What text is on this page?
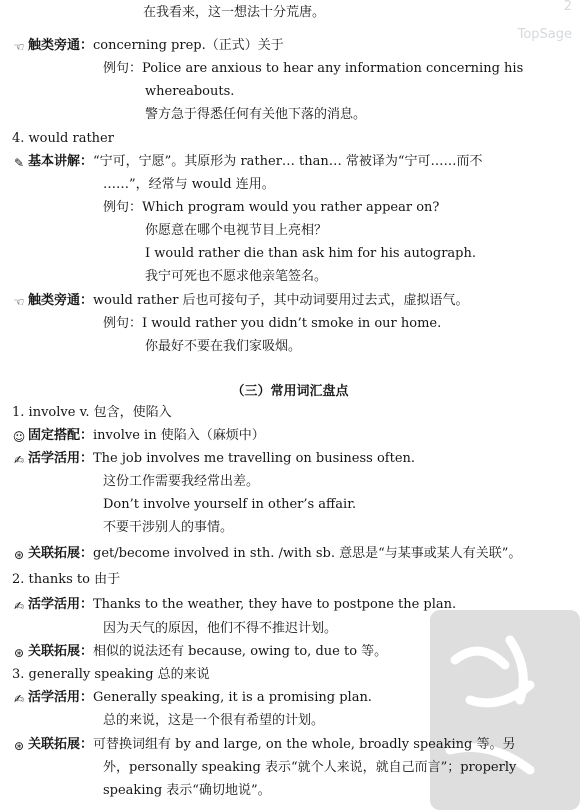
2
TopSage
在我看来，这一想法十分荒唐。
☜ 触类旁通：concerning prep.（正式）关于
例句：Police are anxious to hear any information concerning his
whereabouts.
警方急于得悉任何有关他下落的消息。
4. would rather
✎ 基本讲解：“宁可，宁愿”。其原形为 rather… than… 常被译为“宁可……而不
……”，经常与 would 连用。
例句：Which program would you rather appear on?
你愿意在哪个电视节目上亮相？
I would rather die than ask him for his autograph.
我宁可死也不愿求他亲笔签名。
☜ 触类旁通：would rather 后也可接句子，其中动词要用过去式，虚拟语气。
例句：I would rather you didn’t smoke in our home.
你最好不要在我们家吸烟。
（三）常用词汇盘点
1. involve v. 包含，使陷入
☺ 固定搭配：involve in 使陷入（麻烦中）
✍ 活学活用：The job involves me travelling on business often.
这份工作需要我经常出差。
Don’t involve yourself in other’s affair.
不要干涉别人的事情。
⊛ 关联拓展：get/become involved in sth. /with sb. 意思是“与某事或某人有关联”。
2. thanks to 由于
✍ 活学活用：Thanks to the weather, they have to postpone the plan.
因为天气的原因，他们不得不推迟计划。
⊛ 关联拓展：相似的说法还有 because, owing to, due to 等。
3. generally speaking 总的来说
✍ 活学活用：Generally speaking, it is a promising plan.
总的来说，这是一个很有希望的计划。
⊛ 关联拓展：可替换词组有 by and large, on the whole, broadly speaking 等。另
外，personally speaking 表示“就个人来说，就自己而言”；properly
speaking 表示“确切地说”。
